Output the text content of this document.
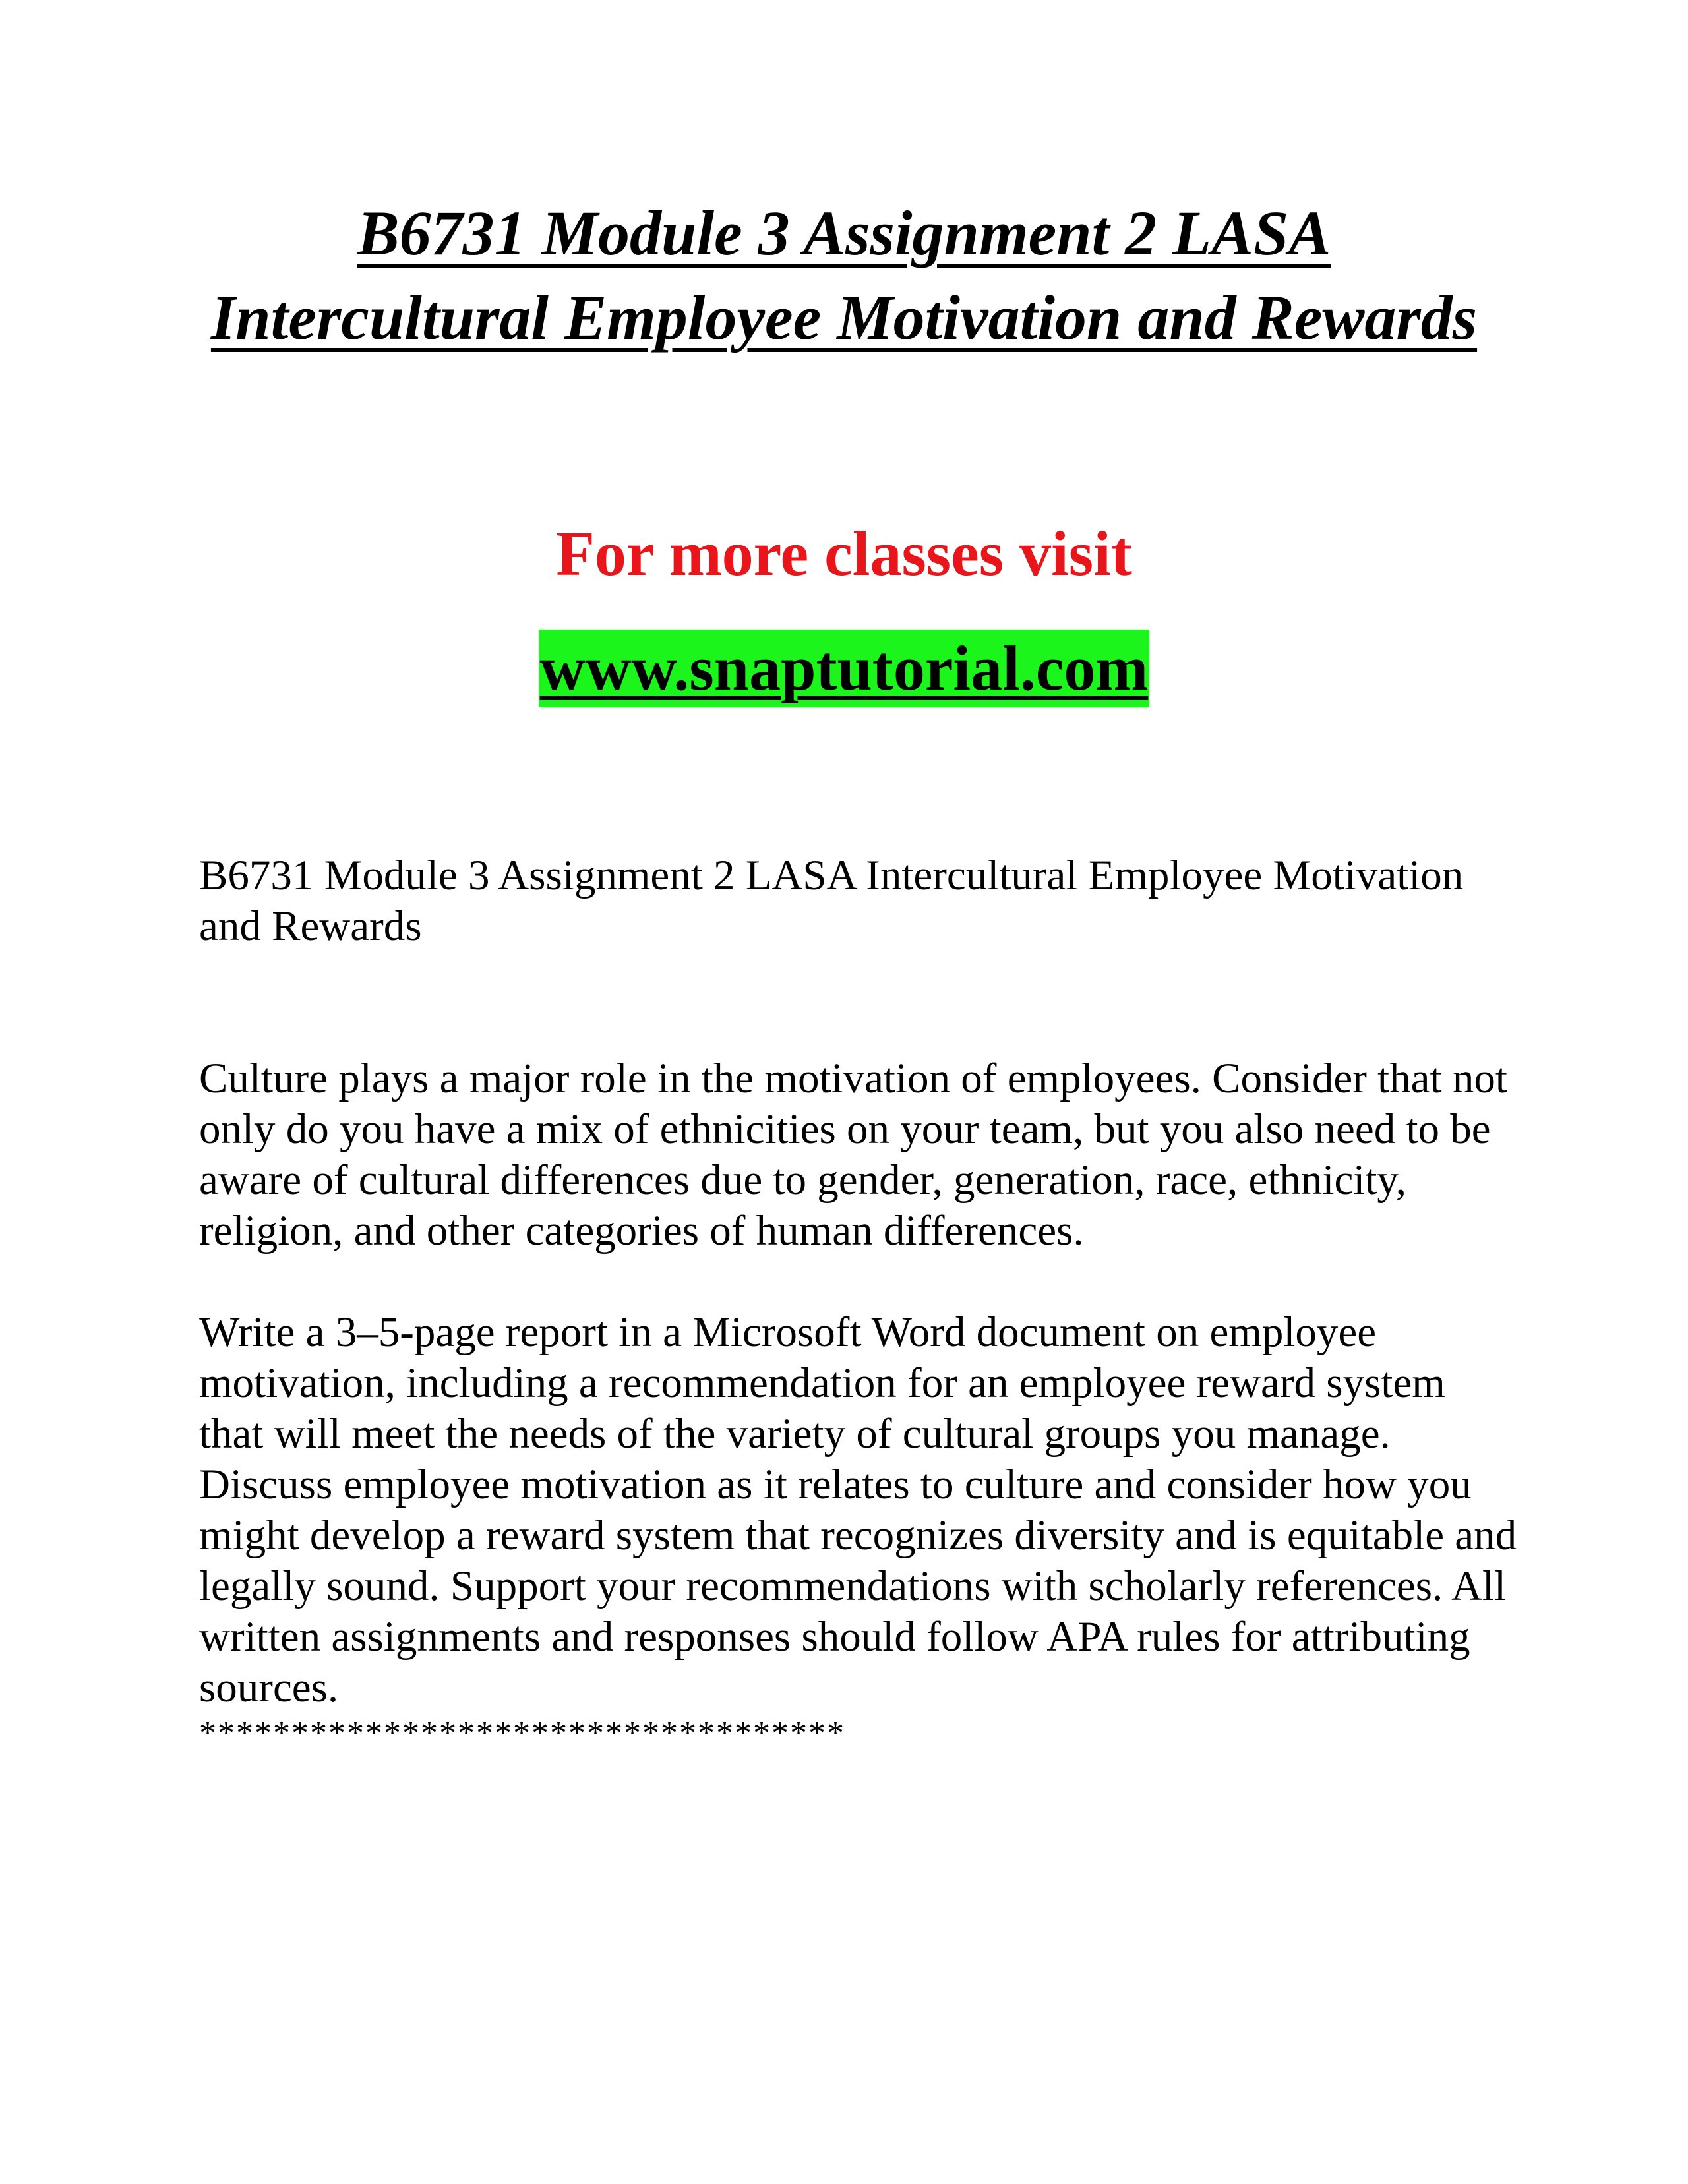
B6731 Module 3 Assignment 2 LASA
Intercultural Employee Motivation and Rewards
For more classes visit
www.snaptutorial.com
B6731 Module 3 Assignment 2 LASA Intercultural Employee Motivation and Rewards
Culture plays a major role in the motivation of employees. Consider that not only do you have a mix of ethnicities on your team, but you also need to be aware of cultural differences due to gender, generation, race, ethnicity, religion, and other categories of human differences.
Write a 3–5-page report in a Microsoft Word document on employee motivation, including a recommendation for an employee reward system that will meet the needs of the variety of cultural groups you manage. Discuss employee motivation as it relates to culture and consider how you might develop a reward system that recognizes diversity and is equitable and legally sound. Support your recommendations with scholarly references. All written assignments and responses should follow APA rules for attributing sources.
***********************************
